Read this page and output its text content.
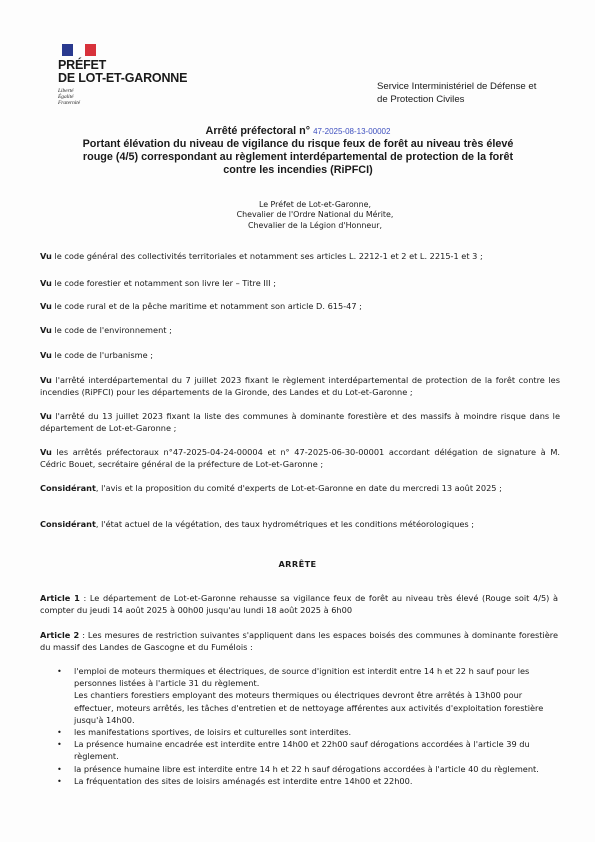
PRÉFET
DE LOT-ET-GARONNE
Liberté
Égalité
Fraternité
Service Interministériel de Défense et
de Protection Civiles
Arrêté préfectoral n° 47-2025-08-13-00002
Portant élévation du niveau de vigilance du risque feux de forêt au niveau très élevé
rouge (4/5) correspondant au règlement interdépartemental de protection de la forêt
contre les incendies (RiPFCI)
Le Préfet de Lot-et-Garonne,
Chevalier de l'Ordre National du Mérite,
Chevalier de la Légion d'Honneur,
Vu le code général des collectivités territoriales et notamment ses articles L. 2212-1 et 2 et L. 2215-1 et 3 ;
Vu le code forestier et notamment son livre Ier – Titre III ;
Vu le code rural et de la pêche maritime et notamment son article D. 615-47 ;
Vu le code de l'environnement ;
Vu le code de l'urbanisme ;
Vu l'arrêté interdépartemental du 7 juillet 2023 fixant le règlement interdépartemental de protection de la forêt contre les incendies (RiPFCI) pour les départements de la Gironde, des Landes et du Lot-et-Garonne ;
Vu l'arrêté du 13 juillet 2023 fixant la liste des communes à dominante forestière et des massifs à moindre risque dans le département de Lot-et-Garonne ;
Vu les arrêtés préfectoraux n°47-2025-04-24-00004 et n° 47-2025-06-30-00001 accordant délégation de signature à M. Cédric Bouet, secrétaire général de la préfecture de Lot-et-Garonne ;
Considérant, l'avis et la proposition du comité d'experts de Lot-et-Garonne en date du mercredi 13 août 2025 ;
Considérant, l'état actuel de la végétation, des taux hydrométriques et les conditions météorologiques ;
ARRÊTE
Article 1 : Le département de Lot-et-Garonne rehausse sa vigilance feux de forêt au niveau très élevé (Rouge soit 4/5) à compter du jeudi 14 août 2025 à 00h00 jusqu'au lundi 18 août 2025 à 6h00
Article 2 : Les mesures de restriction suivantes s'appliquent dans les espaces boisés des communes à dominante forestière du massif des Landes de Gascogne et du Fumélois :
• l'emploi de moteurs thermiques et électriques, de source d'ignition est interdit entre 14 h et 22 h sauf pour les personnes listées à l'article 31 du règlement.
Les chantiers forestiers employant des moteurs thermiques ou électriques devront être arrêtés à 13h00 pour effectuer, moteurs arrêtés, les tâches d'entretien et de nettoyage afférentes aux activités d'exploitation forestière jusqu'à 14h00.
• les manifestations sportives, de loisirs et culturelles sont interdites.
• La présence humaine encadrée est interdite entre 14h00 et 22h00 sauf dérogations accordées à l'article 39 du règlement.
• la présence humaine libre est interdite entre 14 h et 22 h sauf dérogations accordées à l'article 40 du règlement.
• La fréquentation des sites de loisirs aménagés est interdite entre 14h00 et 22h00.
